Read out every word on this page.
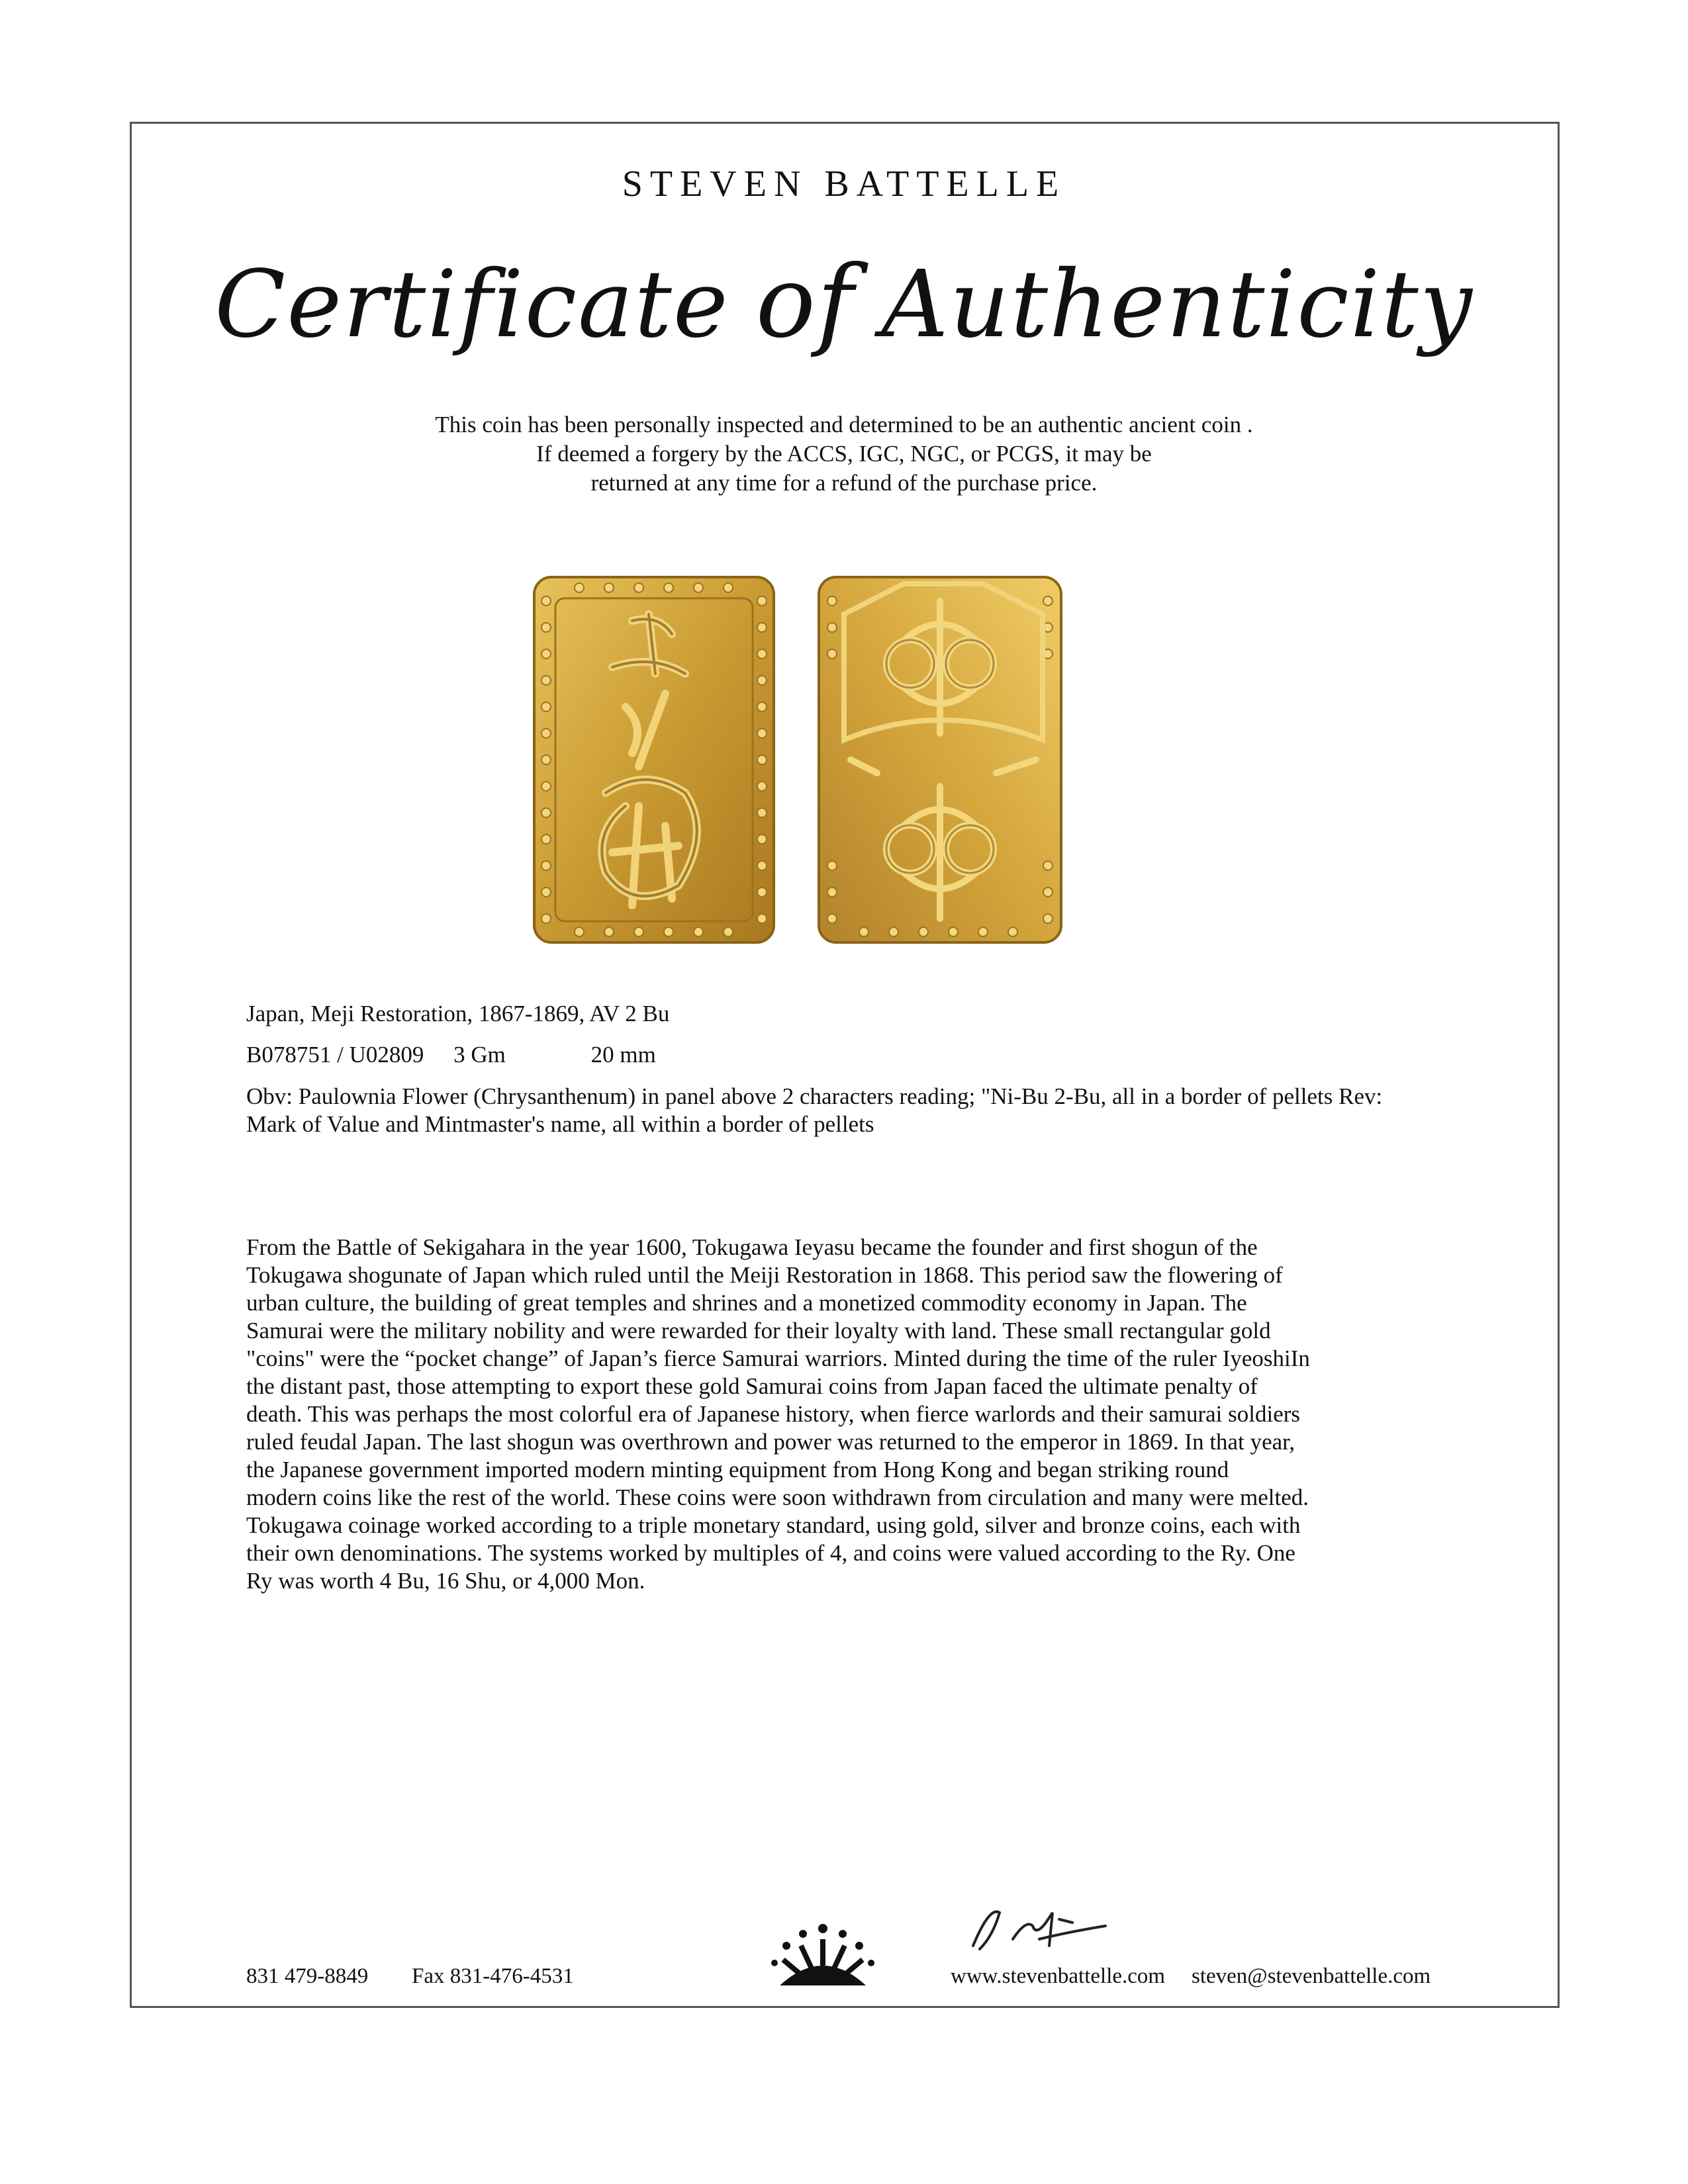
STEVEN BATTELLE
Certificate of Authenticity
This coin has been personally inspected and determined to be an authentic ancient coin .
If deemed a forgery by the ACCS, IGC, NGC, or PCGS, it may be
returned at any time for a refund of the purchase price.
Japan, Meji Restoration, 1867-1869, AV 2 Bu
B078751 / U02809 3 Gm	20 mm
Obv: Paulownia Flower (Chrysanthenum) in panel above 2 characters reading; "Ni-Bu 2-Bu, all in a border of pellets Rev: Mark of Value and Mintmaster's name, all within a border of pellets
From the Battle of Sekigahara in the year 1600, Tokugawa Ieyasu became the founder and first shogun of the
Tokugawa shogunate of Japan which ruled until the Meiji Restoration in 1868. This period saw the flowering of
urban culture, the building of great temples and shrines and a monetized commodity economy in Japan. The
Samurai were the military nobility and were rewarded for their loyalty with land. These small rectangular gold
"coins" were the “pocket change” of Japan’s fierce Samurai warriors. Minted during the time of the ruler IyeoshiIn
the distant past, those attempting to export these gold Samurai coins from Japan faced the ultimate penalty of
death. This was perhaps the most colorful era of Japanese history, when fierce warlords and their samurai soldiers
ruled feudal Japan. The last shogun was overthrown and power was returned to the emperor in 1869. In that year,
the Japanese government imported modern minting equipment from Hong Kong and began striking round
modern coins like the rest of the world. These coins were soon withdrawn from circulation and many were melted.
Tokugawa coinage worked according to a triple monetary standard, using gold, silver and bronze coins, each with
their own denominations. The systems worked by multiples of 4, and coins were valued according to the Ry. One
Ry was worth 4 Bu, 16 Shu, or 4,000 Mon.
831 479-8849 Fax 831-476-4531	www.stevenbattelle.com steven@stevenbattelle.com
